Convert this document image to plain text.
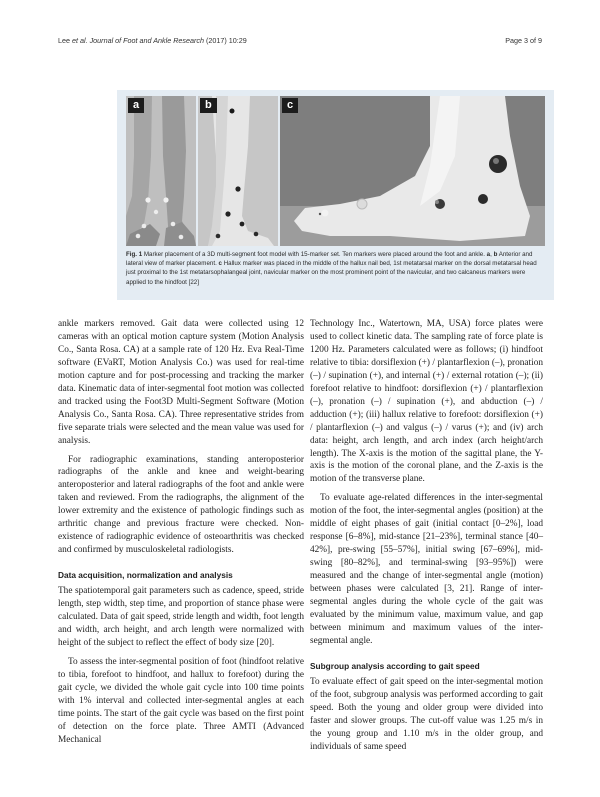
Lee et al. Journal of Foot and Ankle Research (2017) 10:29	Page 3 of 9
a	b	c
Fig. 1 Marker placement of a 3D multi-segment foot model with 15-marker set. Ten markers were placed around the foot and ankle. a, b Anterior and lateral view of marker placement. c Hallux marker was placed in the middle of the hallux nail bed, 1st metatarsal marker on the dorsal metatarsal head just proximal to the 1st metatarsophalangeal joint, navicular marker on the most prominent point of the navicular, and two calcaneus markers were applied to the hindfoot [22]

ankle markers removed. Gait data were collected using 12 cameras with an optical motion capture system (Motion Analysis Co., Santa Rosa. CA) at a sample rate of 120 Hz. Eva Real-Time software (EVaRT, Motion Analysis Co.) was used for real-time motion capture and for post-processing and tracking the marker data. Kinematic data of inter-segmental foot motion was collected and tracked using the Foot3D Multi-Segment Software (Motion Analysis Co., Santa Rosa. CA). Three representative strides from five separate trials were selected and the mean value was used for analysis.

For radiographic examinations, standing anteroposterior radiographs of the ankle and knee and weight-bearing anteroposterior and lateral radiographs of the foot and ankle were taken and reviewed. From the radiographs, the alignment of the lower extremity and the existence of pathologic findings such as arthritic change and previous fracture were checked. Non-existence of radiographic evidence of osteoarthritis was checked and confirmed by musculoskeletal radiologists.

Data acquisition, normalization and analysis

The spatiotemporal gait parameters such as cadence, speed, stride length, step width, step time, and proportion of stance phase were calculated. Data of gait speed, stride length and width, foot length and width, arch height, and arch length were normalized with height of the subject to reflect the effect of body size [20].

To assess the inter-segmental position of foot (hindfoot relative to tibia, forefoot to hindfoot, and hallux to forefoot) during the gait cycle, we divided the whole gait cycle into 100 time points with 1% interval and collected inter-segmental angles at each time points. The start of the gait cycle was based on the first point of detection on the force plate. Three AMTI (Advanced Mechanical

Technology Inc., Watertown, MA, USA) force plates were used to collect kinetic data. The sampling rate of force plate is 1200 Hz. Parameters calculated were as follows; (i) hindfoot relative to tibia: dorsiflexion (+) / plantarflexion (–), pronation (–) / supination (+), and internal (+) / external rotation (–); (ii) forefoot relative to hindfoot: dorsiflexion (+) / plantarflexion (–), pronation (–) / supination (+), and abduction (–) / adduction (+); (iii) hallux relative to forefoot: dorsiflexion (+) / plantarflexion (–) and valgus (–) / varus (+); and (iv) arch data: height, arch length, and arch index (arch height/arch length). The X-axis is the motion of the sagittal plane, the Y-axis is the motion of the coronal plane, and the Z-axis is the motion of the transverse plane.

To evaluate age-related differences in the inter-segmental motion of the foot, the inter-segmental angles (position) at the middle of eight phases of gait (initial contact [0–2%], load response [6–8%], mid-stance [21–23%], terminal stance [40–42%], pre-swing [55–57%], initial swing [67–69%], mid-swing [80–82%], and terminal-swing [93–95%]) were measured and the change of inter-segmental angle (motion) between phases were calculated [3, 21]. Range of inter-segmental angles during the whole cycle of the gait was evaluated by the minimum value, maximum value, and gap between minimum and maximum values of the inter-segmental angle.

Subgroup analysis according to gait speed

To evaluate effect of gait speed on the inter-segmental motion of the foot, subgroup analysis was performed according to gait speed. Both the young and older group were divided into faster and slower groups. The cut-off value was 1.25 m/s in the young group and 1.10 m/s in the older group, and individuals of same speed
